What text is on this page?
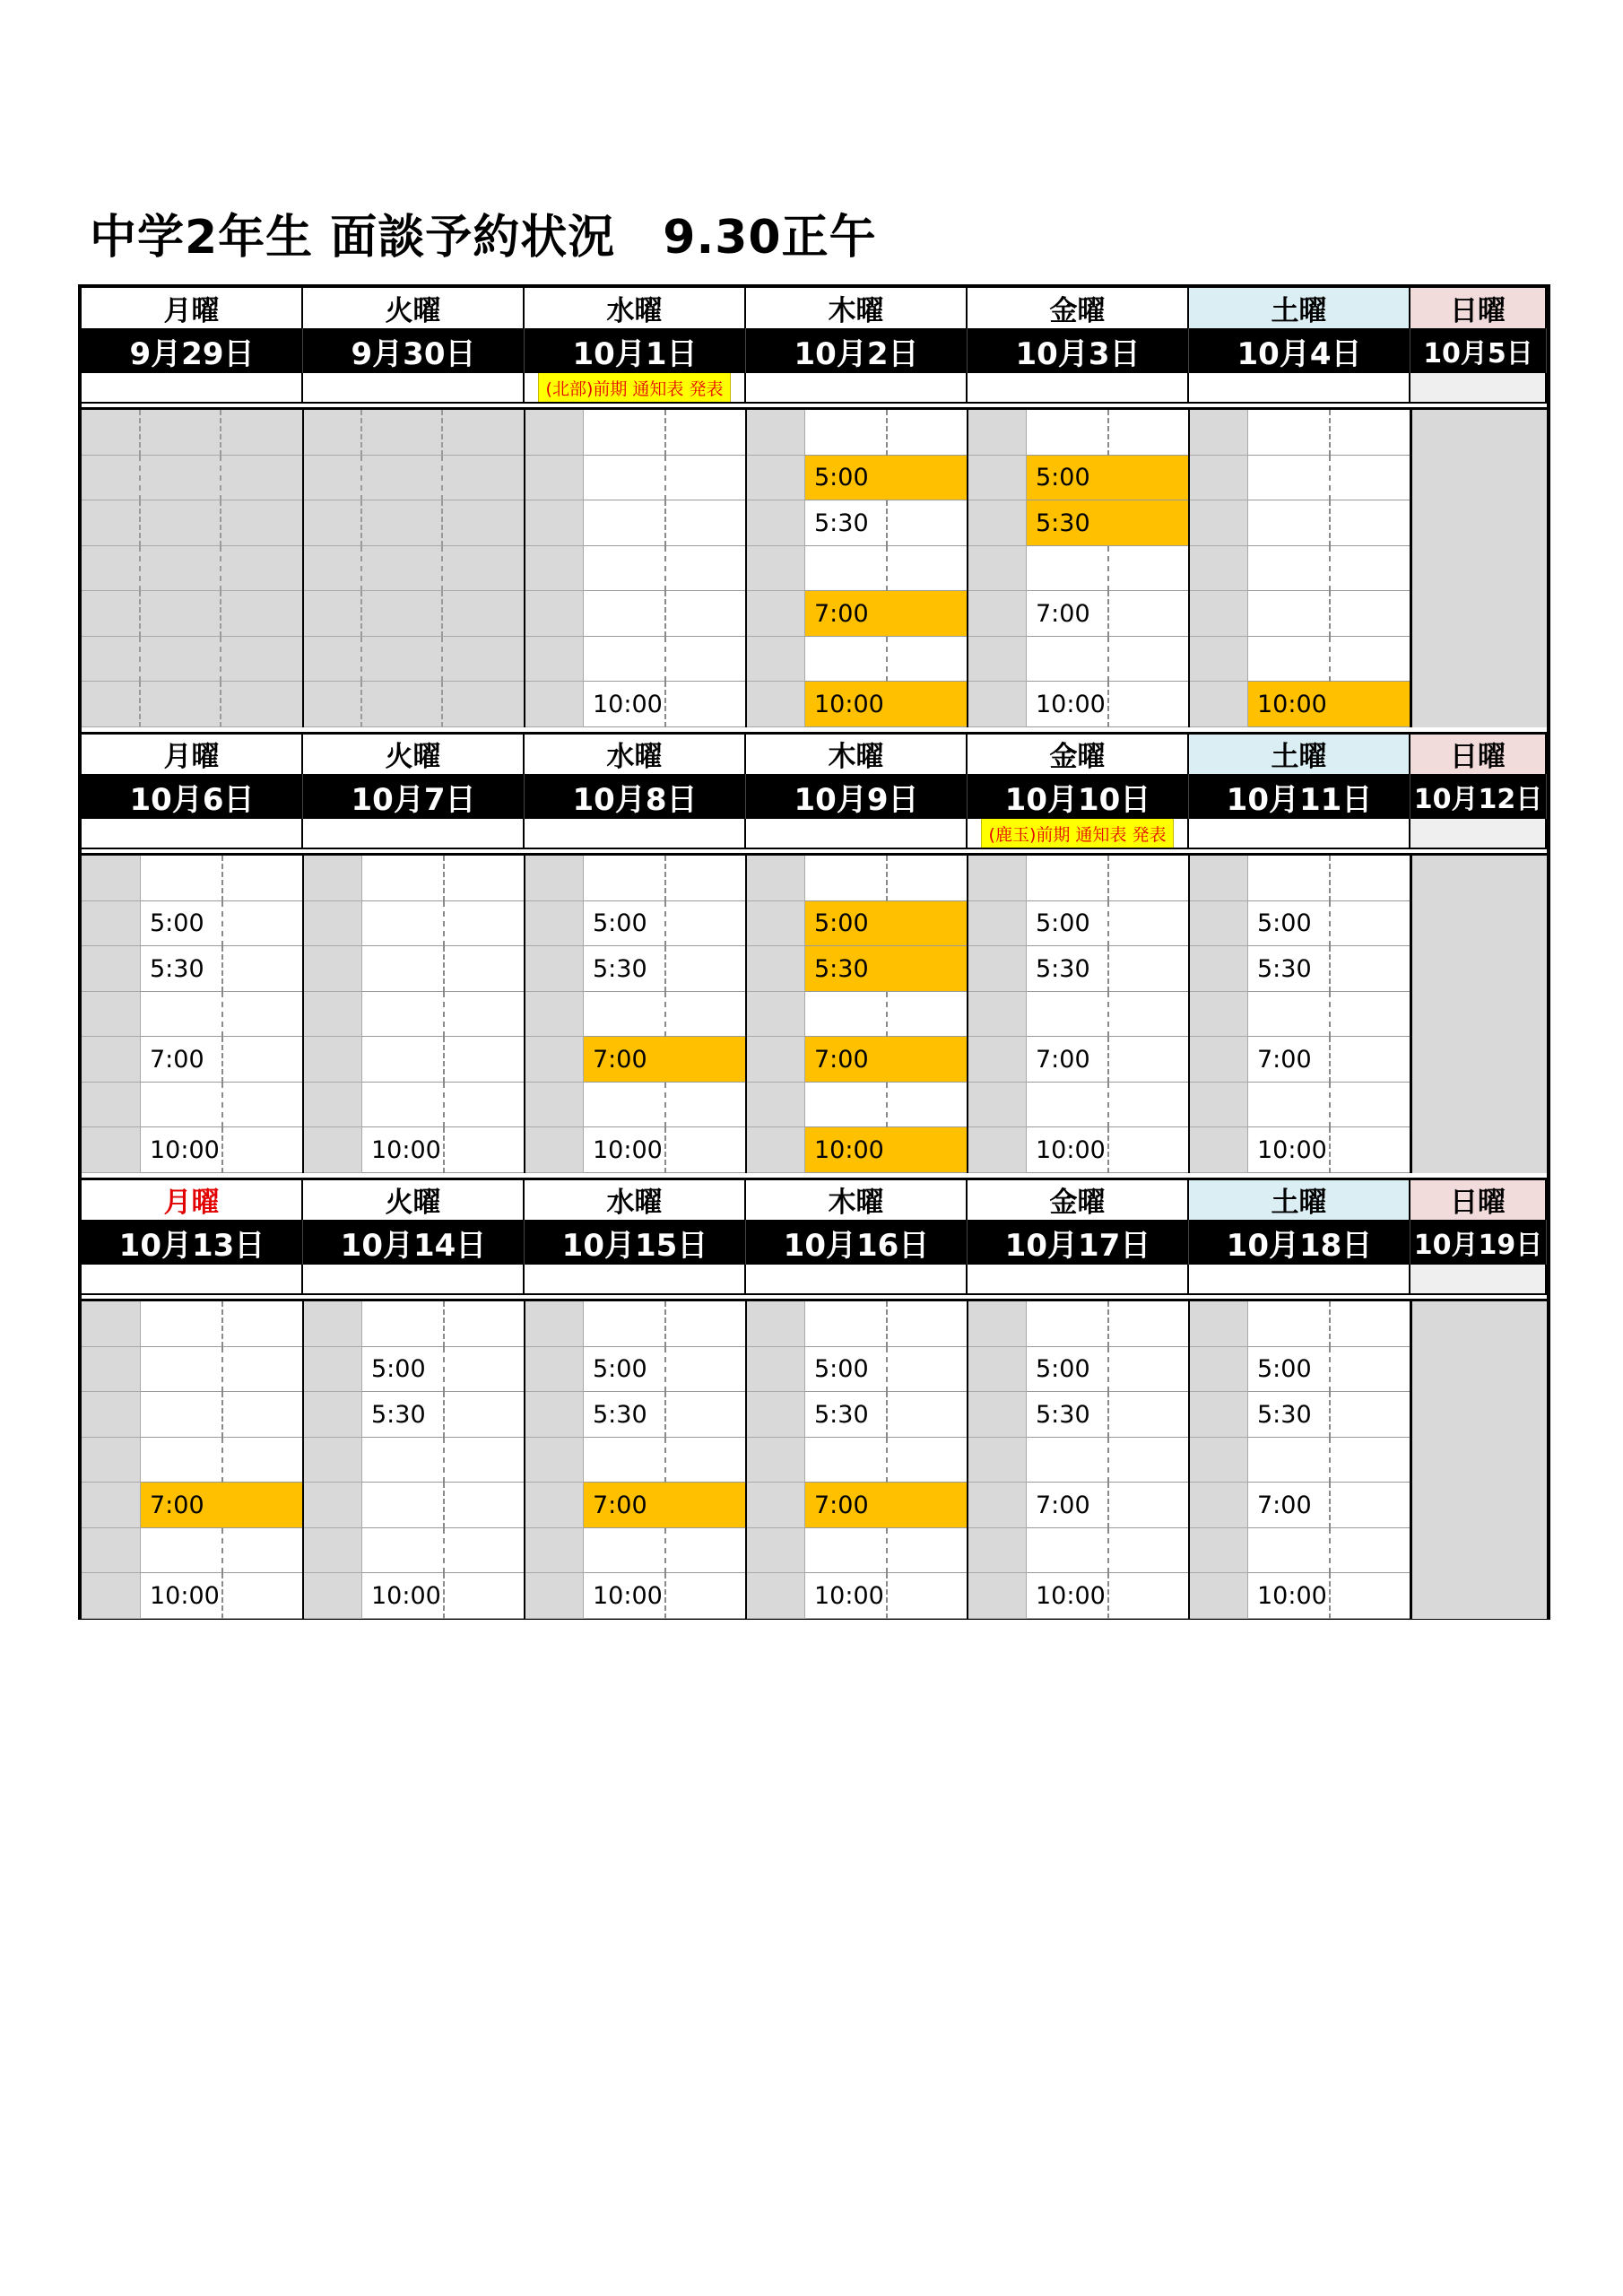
中学2年生 面談予約状況　9.30正午
月曜
9月29日
火曜
9月30日
水曜
10月1日
(北部)前期 通知表 発表
10:00
木曜
10月2日
5:00
5:30
7:00
10:00
金曜
10月3日
5:00
5:30
7:00
10:00
土曜
10月4日
10:00
日曜
10月5日
月曜
10月6日
5:00
5:30
7:00
10:00
火曜
10月7日
10:00
水曜
10月8日
5:00
5:30
7:00
10:00
木曜
10月9日
5:00
5:30
7:00
10:00
金曜
10月10日
(鹿玉)前期 通知表 発表
5:00
5:30
7:00
10:00
土曜
10月11日
5:00
5:30
7:00
10:00
日曜
10月12日
月曜
10月13日
7:00
10:00
火曜
10月14日
5:00
5:30
10:00
水曜
10月15日
5:00
5:30
7:00
10:00
木曜
10月16日
5:00
5:30
7:00
10:00
金曜
10月17日
5:00
5:30
7:00
10:00
土曜
10月18日
5:00
5:30
7:00
10:00
日曜
10月19日
